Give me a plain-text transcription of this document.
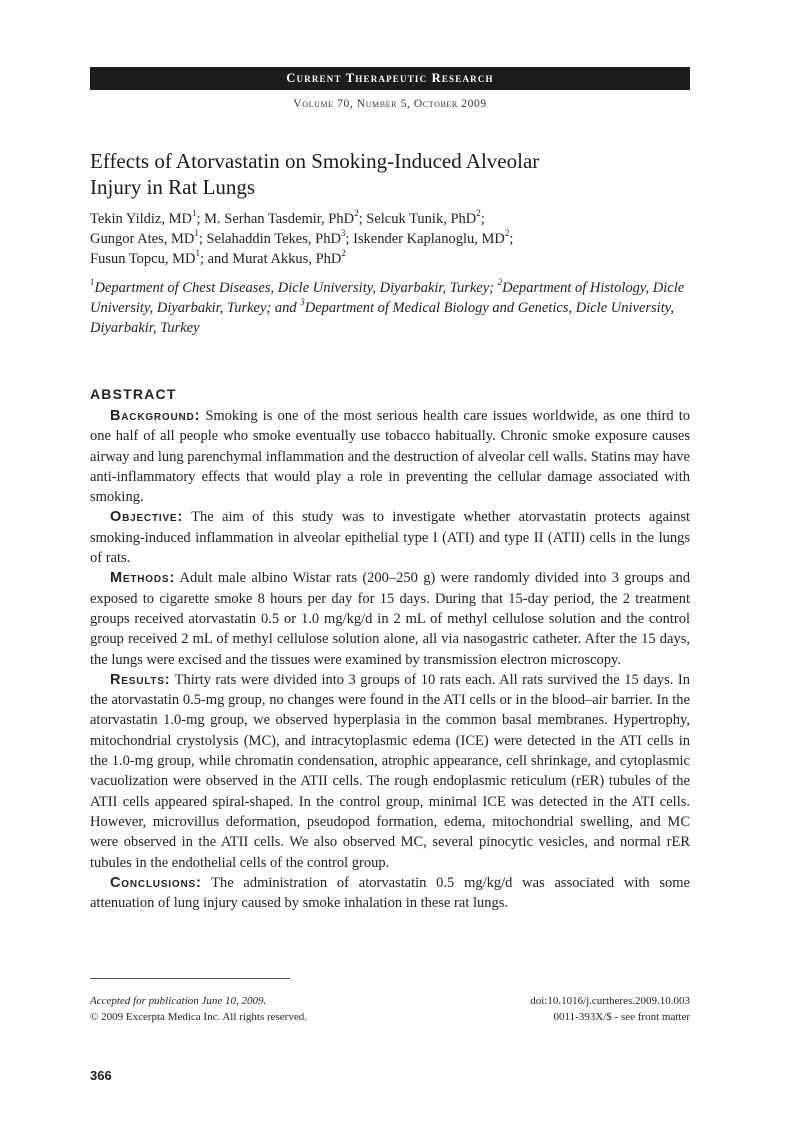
Current Therapeutic Research
Volume 70, Number 5, October 2009
Effects of Atorvastatin on Smoking-Induced Alveolar
Injury in Rat Lungs
Tekin Yildiz, $MD^1$; M. Serhan Tasdemir, PhD$^2$; Selcuk Tunik, PhD$^2$;
Gungor Ates, $MD^1$; Selahaddin Tekes, PhD$^3$; Iskender Kaplanoglu, $MD^2$;
Fusun Topcu, $MD^1$; and Murat Akkus, PhD$^2$
$^1$Department of Chest Diseases, Dicle University, Diyarbakir, Turkey; $^2$Department of Histology, Dicle University, Diyarbakir, Turkey; and $^3$Department of Medical Biology and Genetics, Dicle University, Diyarbakir, Turkey
ABSTRACT

Background: Smoking is one of the most serious health care issues worldwide, as one third to one half of all people who smoke eventually use tobacco habitually. Chronic smoke exposure causes airway and lung parenchymal inflammation and the destruction of alveolar cell walls. Statins may have anti-inflammatory effects that would play a role in preventing the cellular damage associated with smoking.

Objective: The aim of this study was to investigate whether atorvastatin protects against smoking-induced inflammation in alveolar epithelial type I (ATI) and type II (ATII) cells in the lungs of rats.

Methods: Adult male albino Wistar rats (200–250 g) were randomly divided into 3 groups and exposed to cigarette smoke 8 hours per day for 15 days. During that 15-day period, the 2 treatment groups received atorvastatin 0.5 or 1.0 mg/kg/d in 2 mL of methyl cellulose solution and the control group received 2 mL of methyl cellulose solution alone, all via nasogastric catheter. After the 15 days, the lungs were excised and the tissues were examined by transmission electron microscopy.

Results: Thirty rats were divided into 3 groups of 10 rats each. All rats survived the 15 days. In the atorvastatin 0.5-mg group, no changes were found in the ATI cells or in the blood–air barrier. In the atorvastatin 1.0-mg group, we observed hyperplasia in the common basal membranes. Hypertrophy, mitochondrial crystolysis (MC), and intracytoplasmic edema (ICE) were detected in the ATI cells in the 1.0-mg group, while chromatin condensation, atrophic appearance, cell shrinkage, and cytoplasmic vacuolization were observed in the ATII cells. The rough endoplasmic reticulum (rER) tubules of the ATII cells appeared spiral-shaped. In the control group, minimal ICE was detected in the ATI cells. However, microvillus deformation, pseudopod formation, edema, mitochondrial swelling, and MC were observed in the ATII cells. We also observed MC, several pinocytic vesicles, and normal rER tubules in the endothelial cells of the control group.

Conclusions: The administration of atorvastatin 0.5 mg/kg/d was associated with some attenuation of lung injury caused by smoke inhalation in these rat lungs.

Accepted for publication June 10, 2009.
© 2009 Excerpta Medica Inc. All rights reserved.
doi:10.1016/j.curtheres.2009.10.003
0011-393X/$ - see front matter
366
